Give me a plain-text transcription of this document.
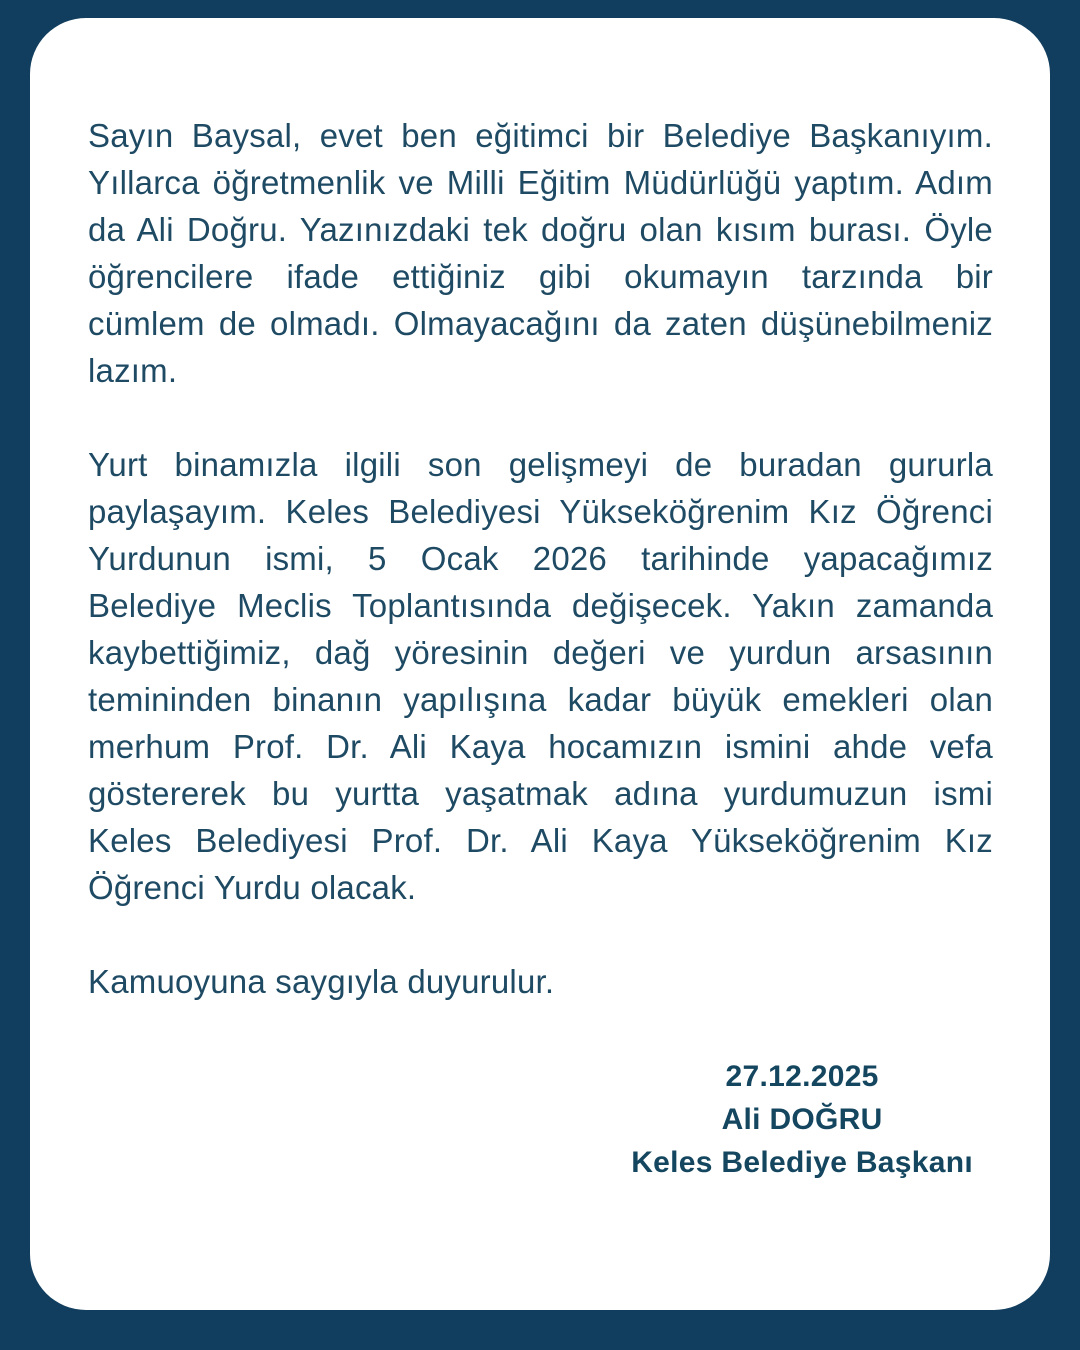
Sayın Baysal, evet ben eğitimci bir Belediye Başkanıyım.
Yıllarca öğretmenlik ve Milli Eğitim Müdürlüğü yaptım. Adım
da Ali Doğru. Yazınızdaki tek doğru olan kısım burası. Öyle
öğrencilere ifade ettiğiniz gibi okumayın tarzında bir
cümlem de olmadı. Olmayacağını da zaten düşünebilmeniz
lazım.
Yurt binamızla ilgili son gelişmeyi de buradan gururla
paylaşayım. Keles Belediyesi Yükseköğrenim Kız Öğrenci
Yurdunun ismi, 5 Ocak 2026 tarihinde yapacağımız
Belediye Meclis Toplantısında değişecek. Yakın zamanda
kaybettiğimiz, dağ yöresinin değeri ve yurdun arsasının
temininden binanın yapılışına kadar büyük emekleri olan
merhum Prof. Dr. Ali Kaya hocamızın ismini ahde vefa
göstererek bu yurtta yaşatmak adına yurdumuzun ismi
Keles Belediyesi Prof. Dr. Ali Kaya Yükseköğrenim Kız
Öğrenci Yurdu olacak.
Kamuoyuna saygıyla duyurulur.
27.12.2025
Ali DOĞRU
Keles Belediye Başkanı
